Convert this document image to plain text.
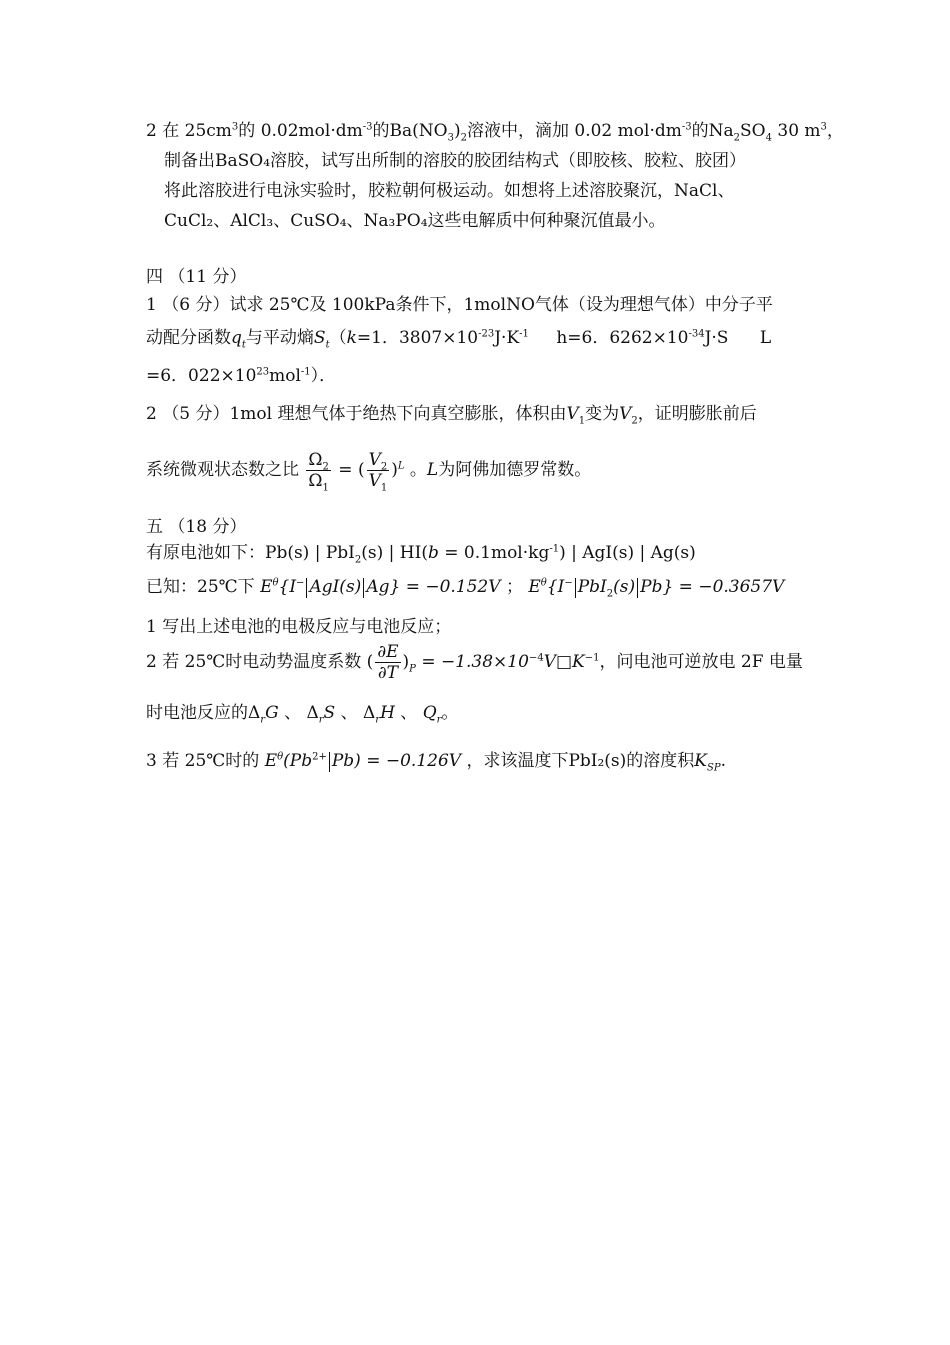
2 在 $25cm^3$的 $0.02mol\cdot dm^{-3}$的$Ba(NO_3)_2$溶液中，滴加 0.02 $mol\cdot dm^{-3}$的$Na_2SO_4$ 30 $m^3$，
制备出BaSO₄溶胶，试写出所制的溶胶的胶团结构式（即胶核、胶粒、胶团）
将此溶胶进行电泳实验时，胶粒朝何极运动。如想将上述溶胶聚沉，NaCl、
CuCl₂、AlCl₃、CuSO₄、Na₃PO₄这些电解质中何种聚沉值最小。
四 （11 分）
1 （6 分）试求 25℃及 100kPa条件下，1molNO气体（设为理想气体）中分子平
动配分函数$q_t$与平动熵$S_t(k=1$．$3807\times 10^{-23}J\cdot K^{-1}$ h=6．$6262\times 10^{-34}J\cdot S$ L
=6．$022\times 10^{23}mol^{-1}$）．
2 （5 分）1mol 理想气体于绝热下向真空膨胀，体积由$V_1$变为$V_2$，证明膨胀前后
系统微观状态数之比 $\frac{\Omega_2}{\Omega_1}$ = ( $\frac{V_2}{V_1} )^L$ 。L为阿佛加德罗常数。
五 （18 分）
有原电池如下：Pb(s) | PbI$_2$(s) | $HI(b = 0.1mol\cdot kg^{-1})$ | AgI(s) | Ag(s)
已知：25℃下 $E^\theta\{I^-$ AgI(s) Ag} = −0.152V ； $E^\theta\{I^-$ PbI$_2$(s) Pb} = −0.3657V
1 写出上述电池的电极反应与电池反应；
2 若 25℃时电动势温度系数 ( $\frac{\partial E}{\partial T} )_P$ = $-1.38\times 10^{-4}V□K^{-1}$，问电池可逆放电 2F 电量
时电池反应的$\Delta_rG$ 、 $\Delta_rS$ 、 $\Delta_rH$ 、 $Q_r$。
3 若 25℃时的 $E^\theta(Pb^{2+}$ Pb) = −0.126V ，求该温度下PbI₂(s)的溶度积$K_{SP}$.
